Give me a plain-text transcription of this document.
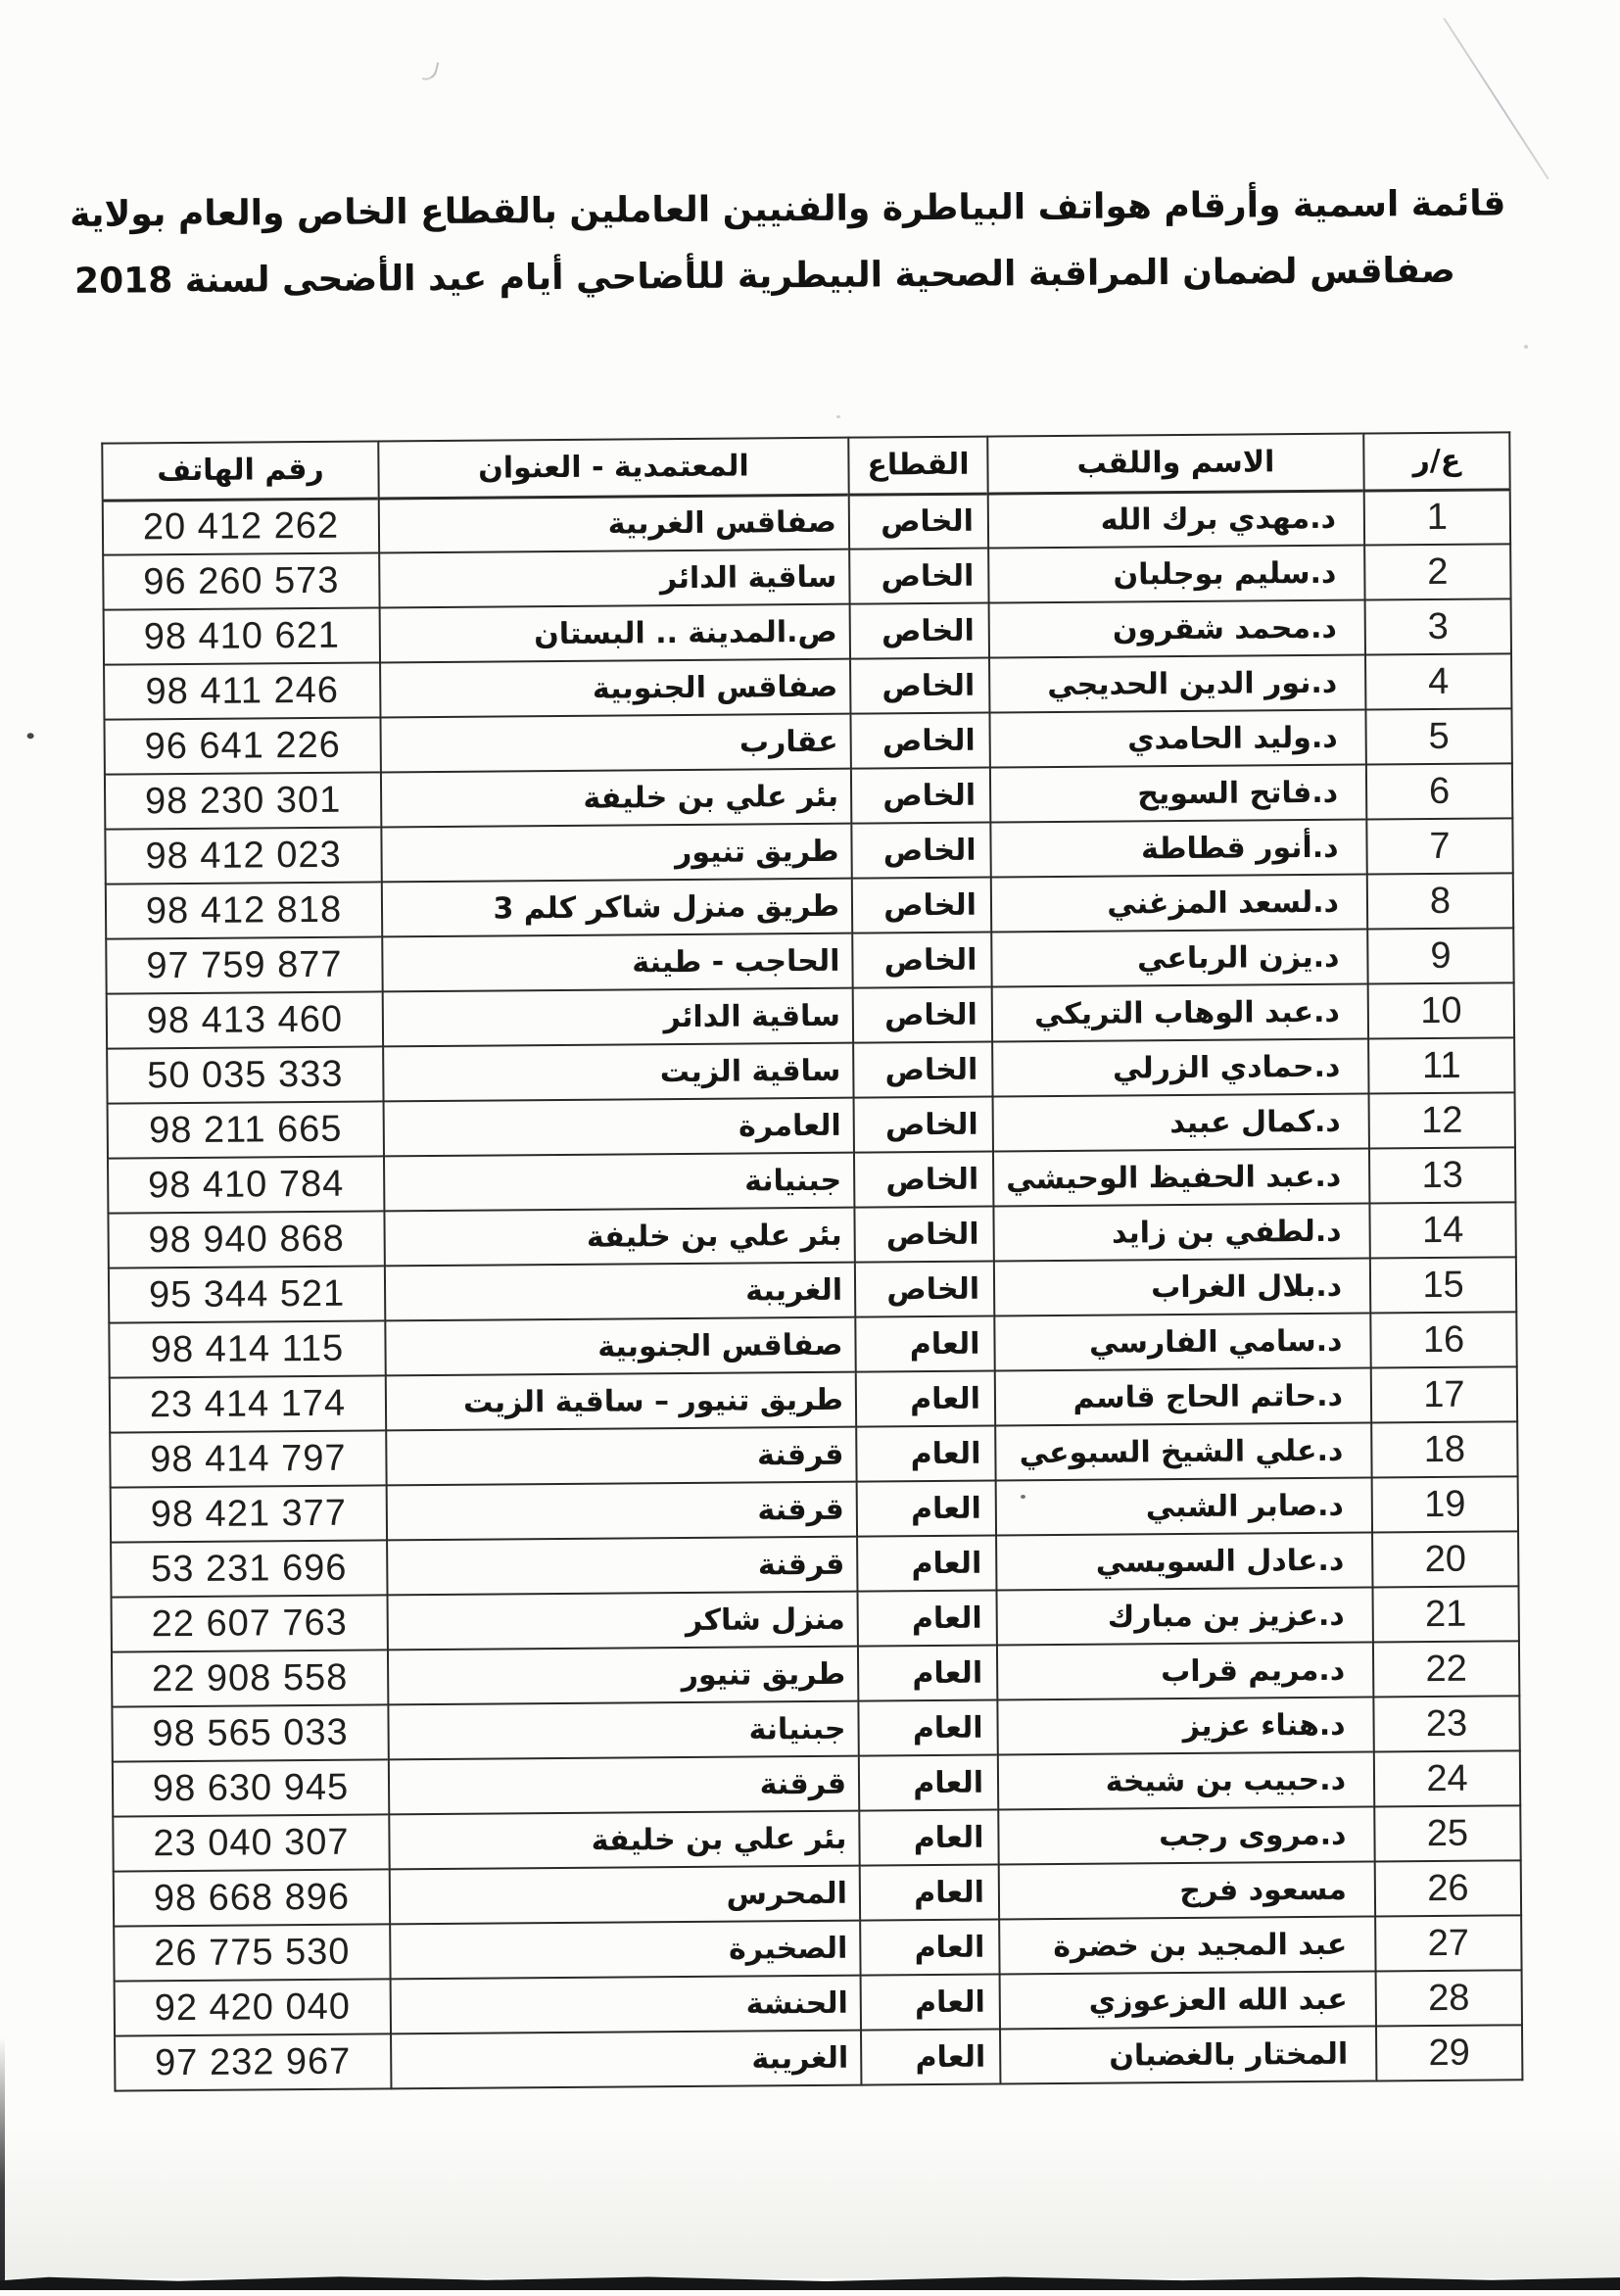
قائمة اسمية وأرقام هواتف البياطرة والفنيين العاملين بالقطاع الخاص والعام بولاية
صفاقس لضمان المراقبة الصحية البيطرية للأضاحي أيام عيد الأضحى لسنة 2018
ع/ر	الاسم واللقب	القطاع	المعتمدية - العنوان	رقم الهاتف
1	د.مهدي برك الله	الخاص	صفاقس الغربية	20 412 262
2	د.سليم بوجلبان	الخاص	ساقية الدائر	96 260 573
3	د.محمد شقرون	الخاص	ص.المدينة .. البستان	98 410 621
4	د.نور الدين الحديجي	الخاص	صفاقس الجنوبية	98 411 246
5	د.وليد الحامدي	الخاص	عقارب	96 641 226
6	د.فاتح السويح	الخاص	بئر علي بن خليفة	98 230 301
7	د.أنور قطاطة	الخاص	طريق تنيور	98 412 023
8	د.لسعد المزغني	الخاص	طريق منزل شاكر كلم 3	98 412 818
9	د.يزن الرباعي	الخاص	الحاجب - طينة	97 759 877
10	د.عبد الوهاب التريكي	الخاص	ساقية الدائر	98 413 460
11	د.حمادي الزرلي	الخاص	ساقية الزيت	50 035 333
12	د.كمال عبيد	الخاص	العامرة	98 211 665
13	د.عبد الحفيظ الوحيشي	الخاص	جبنيانة	98 410 784
14	د.لطفي بن زايد	الخاص	بئر علي بن خليفة	98 940 868
15	د.بلال الغراب	الخاص	الغريبة	95 344 521
16	د.سامي الفارسي	العام	صفاقس الجنوبية	98 414 115
17	د.حاتم الحاج قاسم	العام	طريق تنيور – ساقية الزيت	23 414 174
18	د.علي الشيخ السبوعي	العام	قرقنة	98 414 797
19	د.صابر الشبي	العام	قرقنة	98 421 377
20	د.عادل السويسي	العام	قرقنة	53 231 696
21	د.عزيز بن مبارك	العام	منزل شاكر	22 607 763
22	د.مريم قراب	العام	طريق تنيور	22 908 558
23	د.هناء عزيز	العام	جبنيانة	98 565 033
24	د.حبيب بن شيخة	العام	قرقنة	98 630 945
25	د.مروى رجب	العام	بئر علي بن خليفة	23 040 307
26	مسعود فرج	العام	المحرس	98 668 896
27	عبد المجيد بن خضرة	العام	الصخيرة	26 775 530
28	عبد الله العزعوزي	العام	الحنشة	92 420 040
29	المختار بالغضبان	العام	الغريبة	97 232 967
